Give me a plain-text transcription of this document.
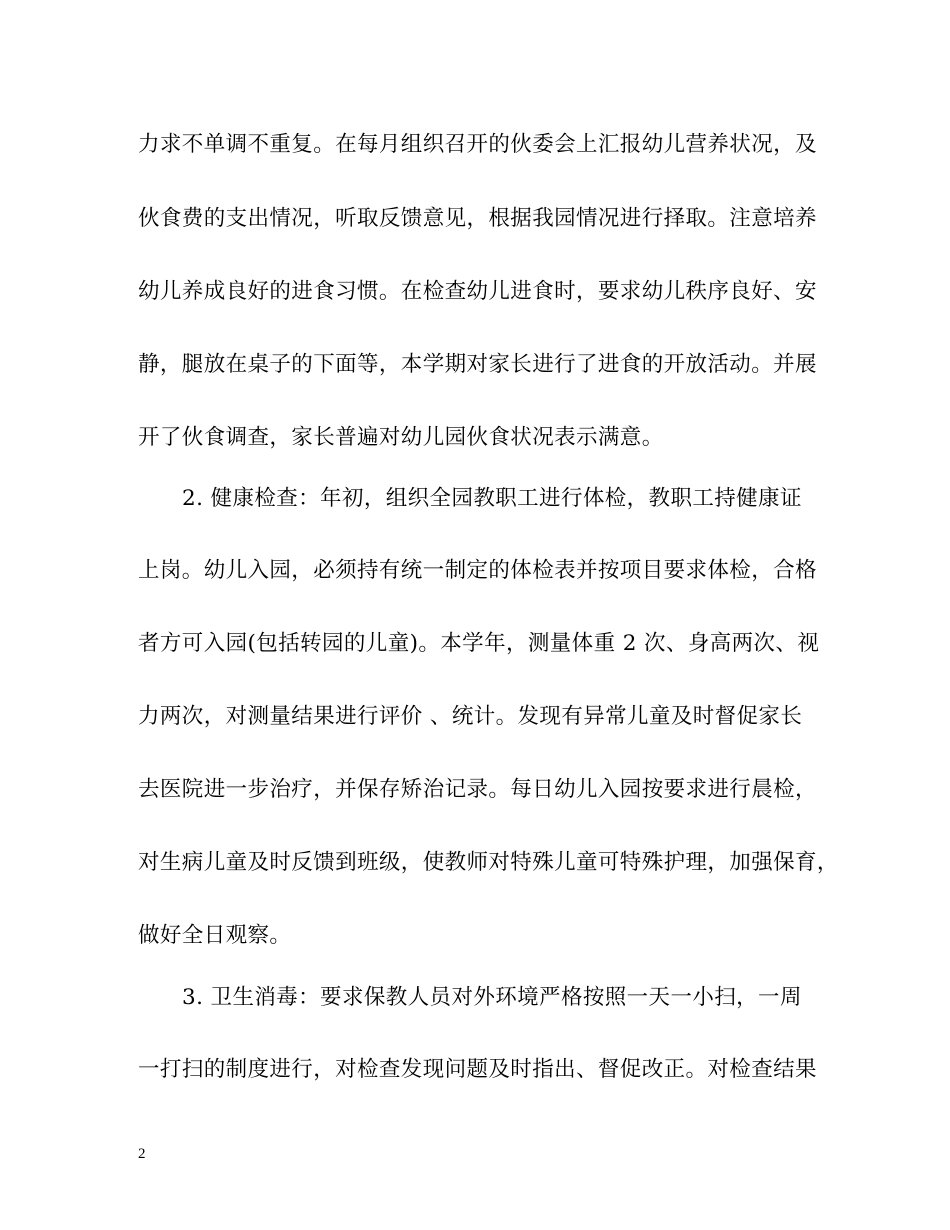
力求不单调不重复。在每月组织召开的伙委会上汇报幼儿营养状况，及
伙食费的支出情况，听取反馈意见，根据我园情况进行择取。注意培养
幼儿养成良好的进食习惯。在检查幼儿进食时，要求幼儿秩序良好、安
静，腿放在桌子的下面等，本学期对家长进行了进食的开放活动。并展
开了伙食调查，家长普遍对幼儿园伙食状况表示满意。
2. 健康检查：年初，组织全园教职工进行体检，教职工持健康证
上岗。幼儿入园，必须持有统一制定的体检表并按项目要求体检，合格
者方可入园(包括转园的儿童)。本学年，测量体重 2 次、身高两次、视
力两次，对测量结果进行评价 、统计。发现有异常儿童及时督促家长
去医院进一步治疗，并保存矫治记录。每日幼儿入园按要求进行晨检，
对生病儿童及时反馈到班级，使教师对特殊儿童可特殊护理，加强保育，
做好全日观察。
3. 卫生消毒：要求保教人员对外环境严格按照一天一小扫，一周
一打扫的制度进行，对检查发现问题及时指出、督促改正。对检查结果
2
